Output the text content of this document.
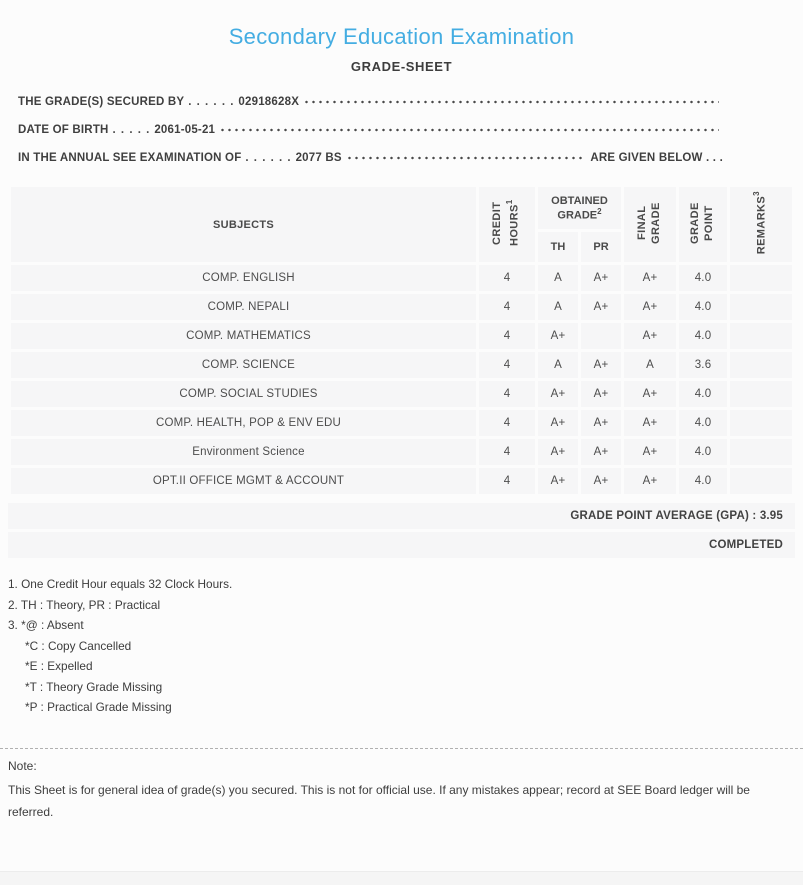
Secondary Education Examination
GRADE-SHEET
THE GRADE(S) SECURED BY . . . . . . 02918628X
DATE OF BIRTH . . . . . 2061-05-21
IN THE ANNUAL SEE EXAMINATION OF . . . . . . 2077 BS	ARE GIVEN BELOW . . .
SUBJECTS	CREDIT HOURS$^1$	OBTAINED GRADE$^2$		FINAL GRADE	GRADE POINT	REMARKS$^3$
		TH	PR			
COMP. ENGLISH	4	A	A+	A+	4.0	
COMP. NEPALI	4	A	A+	A+	4.0	
COMP. MATHEMATICS	4	A+		A+	4.0	
COMP. SCIENCE	4	A	A+	A	3.6	
COMP. SOCIAL STUDIES	4	A+	A+	A+	4.0	
COMP. HEALTH, POP & ENV EDU	4	A+	A+	A+	4.0	
Environment Science	4	A+	A+	A+	4.0	
OPT.II OFFICE MGMT & ACCOUNT	4	A+	A+	A+	4.0	
GRADE POINT AVERAGE (GPA) : 3.95
COMPLETED
1. One Credit Hour equals 32 Clock Hours.
2. TH : Theory, PR : Practical
3. *@ : Absent
*C : Copy Cancelled
*E : Expelled
*T : Theory Grade Missing
*P : Practical Grade Missing
Note:
This Sheet is for general idea of grade(s) you secured. This is not for official use. If any mistakes appear; record at SEE Board ledger will be referred.
